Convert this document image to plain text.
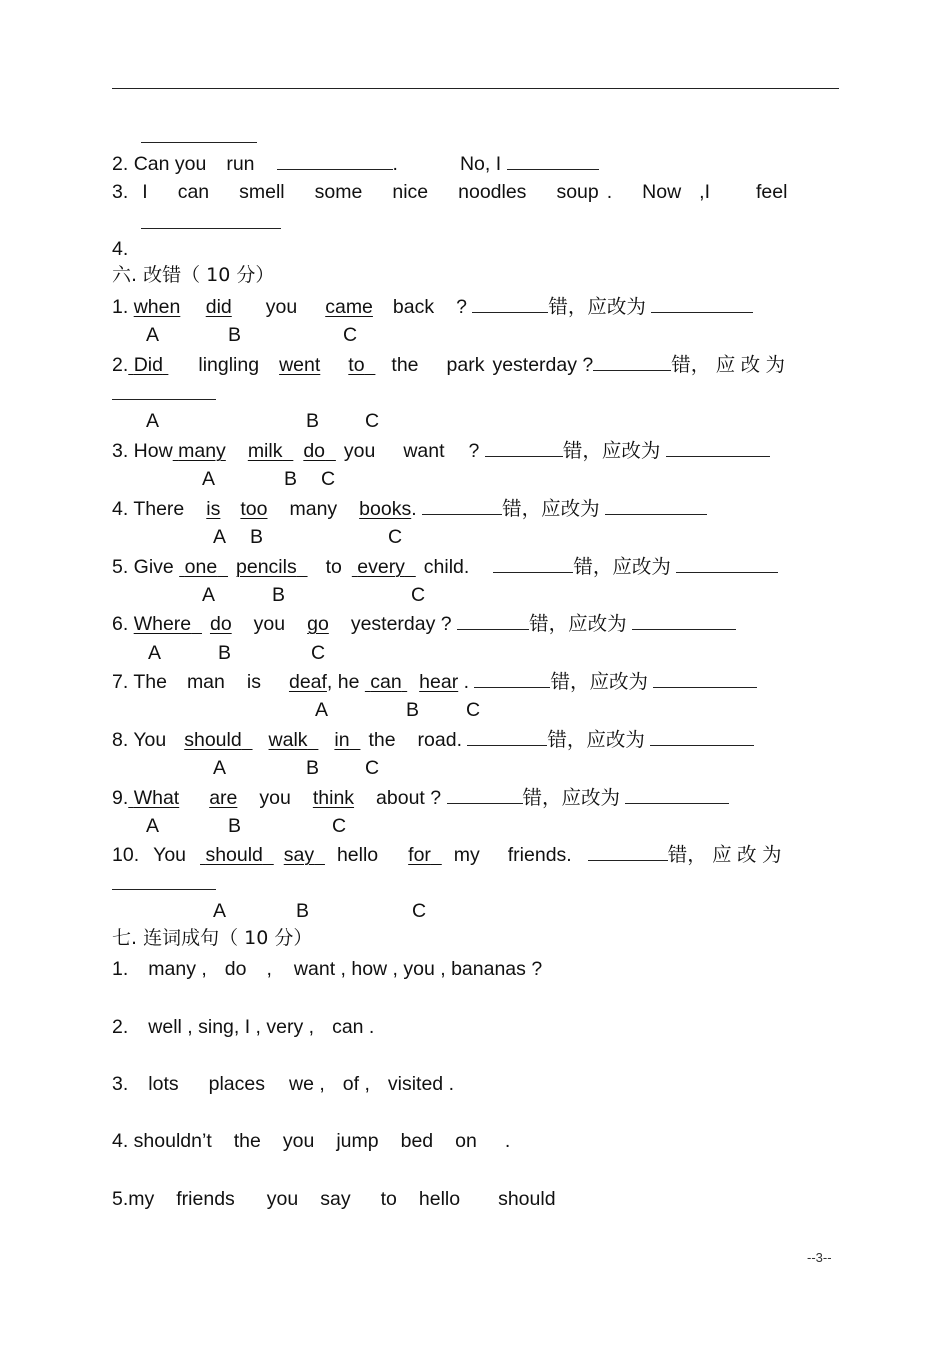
2. Can you run	.	No, I
3. I can smell some nice noodles soup . Now ,I feel
4.
六. 改错（ 10 分）
1. when did you came back ?	错，应改为
A	B	C
2. Did lingling went to the park yesterday ?	错， 应 改 为
A	B C
3. How many milk do you want ?	错，应改为
A	B C
4. There is too many books.	错，应改为
A B	C
5. Give one pencils to every child.	错，应改为
A	B	C
6. Where do you go yesterday ?	错，应改为
A	B	C
7. The man is deaf, he can hear .	错，应改为
A	B C
8. You should walk in the road.	错，应改为
A	B C
9. What are you think about ?	错，应改为
A	B	C
10. You should say hello for my friends.	错， 应 改 为
A	B	C
七. 连词成句（ 10 分）
1. many , do , want , how , you , bananas ?
2. well , sing, I , very , can .
3. lots places we , of , visited .
4. shouldn’t the you jump bed on .
5.my friends you say to hello should
--3--
